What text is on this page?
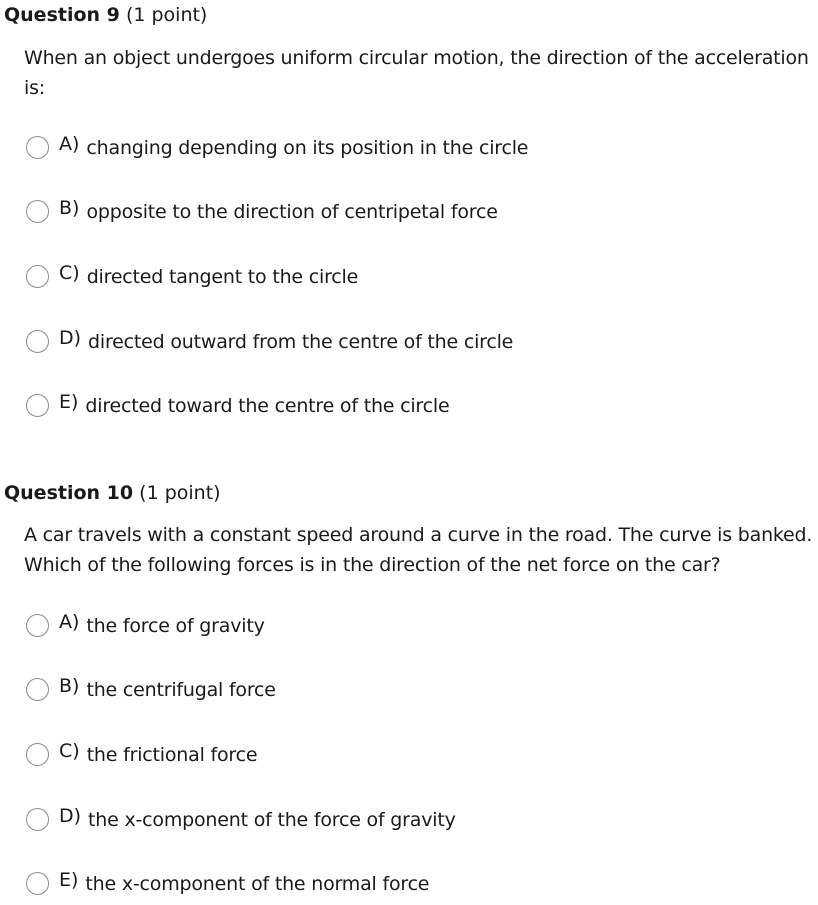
Question 9 (1 point)
When an object undergoes uniform circular motion, the direction of the acceleration is:
A) changing depending on its position in the circle
B) opposite to the direction of centripetal force
C) directed tangent to the circle
D) directed outward from the centre of the circle
E) directed toward the centre of the circle
Question 10 (1 point)
A car travels with a constant speed around a curve in the road. The curve is banked. Which of the following forces is in the direction of the net force on the car?
A) the force of gravity
B) the centrifugal force
C) the frictional force
D) the x-component of the force of gravity
E) the x-component of the normal force
